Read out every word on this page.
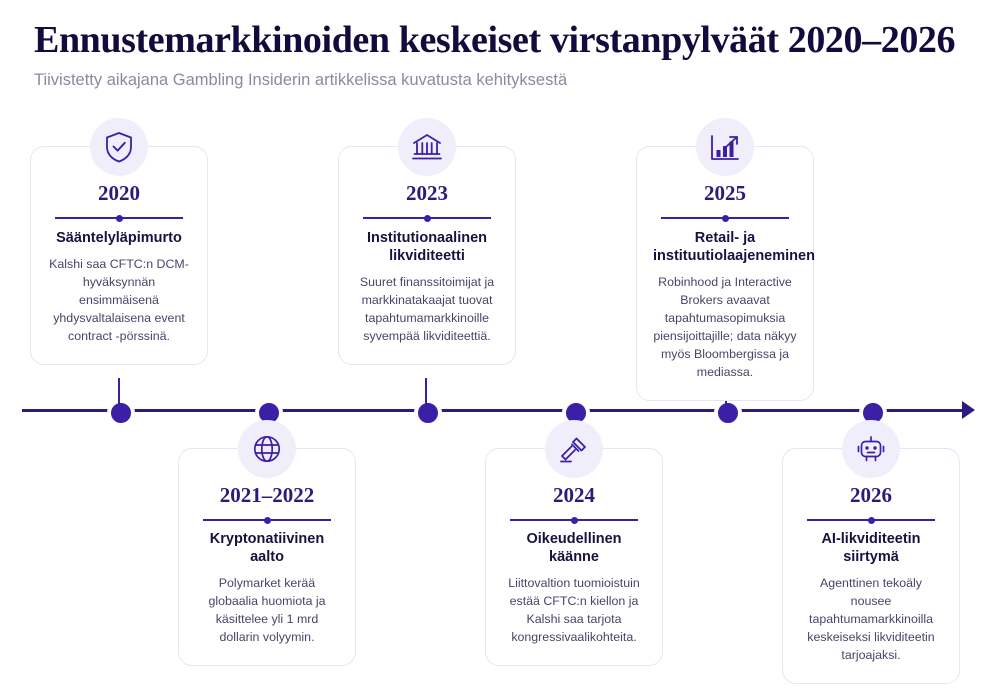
Ennustemarkkinoiden keskeiset virstanpylväät 2020–2026
Tiivistetty aikajana Gambling Insiderin artikkelissa kuvatusta kehityksestä
2020
Sääntelyläpimurto
Kalshi saa CFTC:n DCM-hyväksynnän ensimmäisenä yhdysvaltalaisena event contract -pörssinä.
2023
Institutionaalinen likviditeetti
Suuret finanssitoimijat ja markkinatakaajat tuovat tapahtumamarkkinoille syvempää likviditeettiä.
2025
Retail- ja instituutiolaajeneminen
Robinhood ja Interactive Brokers avaavat tapahtumasopimuksia piensijoittajille; data näkyy myös Bloombergissa ja mediassa.
2021–2022
Kryptonatiivinen aalto
Polymarket kerää globaalia huomiota ja käsittelee yli 1 mrd dollarin volyymin.
2024
Oikeudellinen käänne
Liittovaltion tuomioistuin estää CFTC:n kiellon ja Kalshi saa tarjota kongressivaalikohteita.
2026
AI-likviditeetin siirtymä
Agenttinen tekoäly nousee tapahtumamarkkinoilla keskeiseksi likviditeetin tarjoajaksi.
